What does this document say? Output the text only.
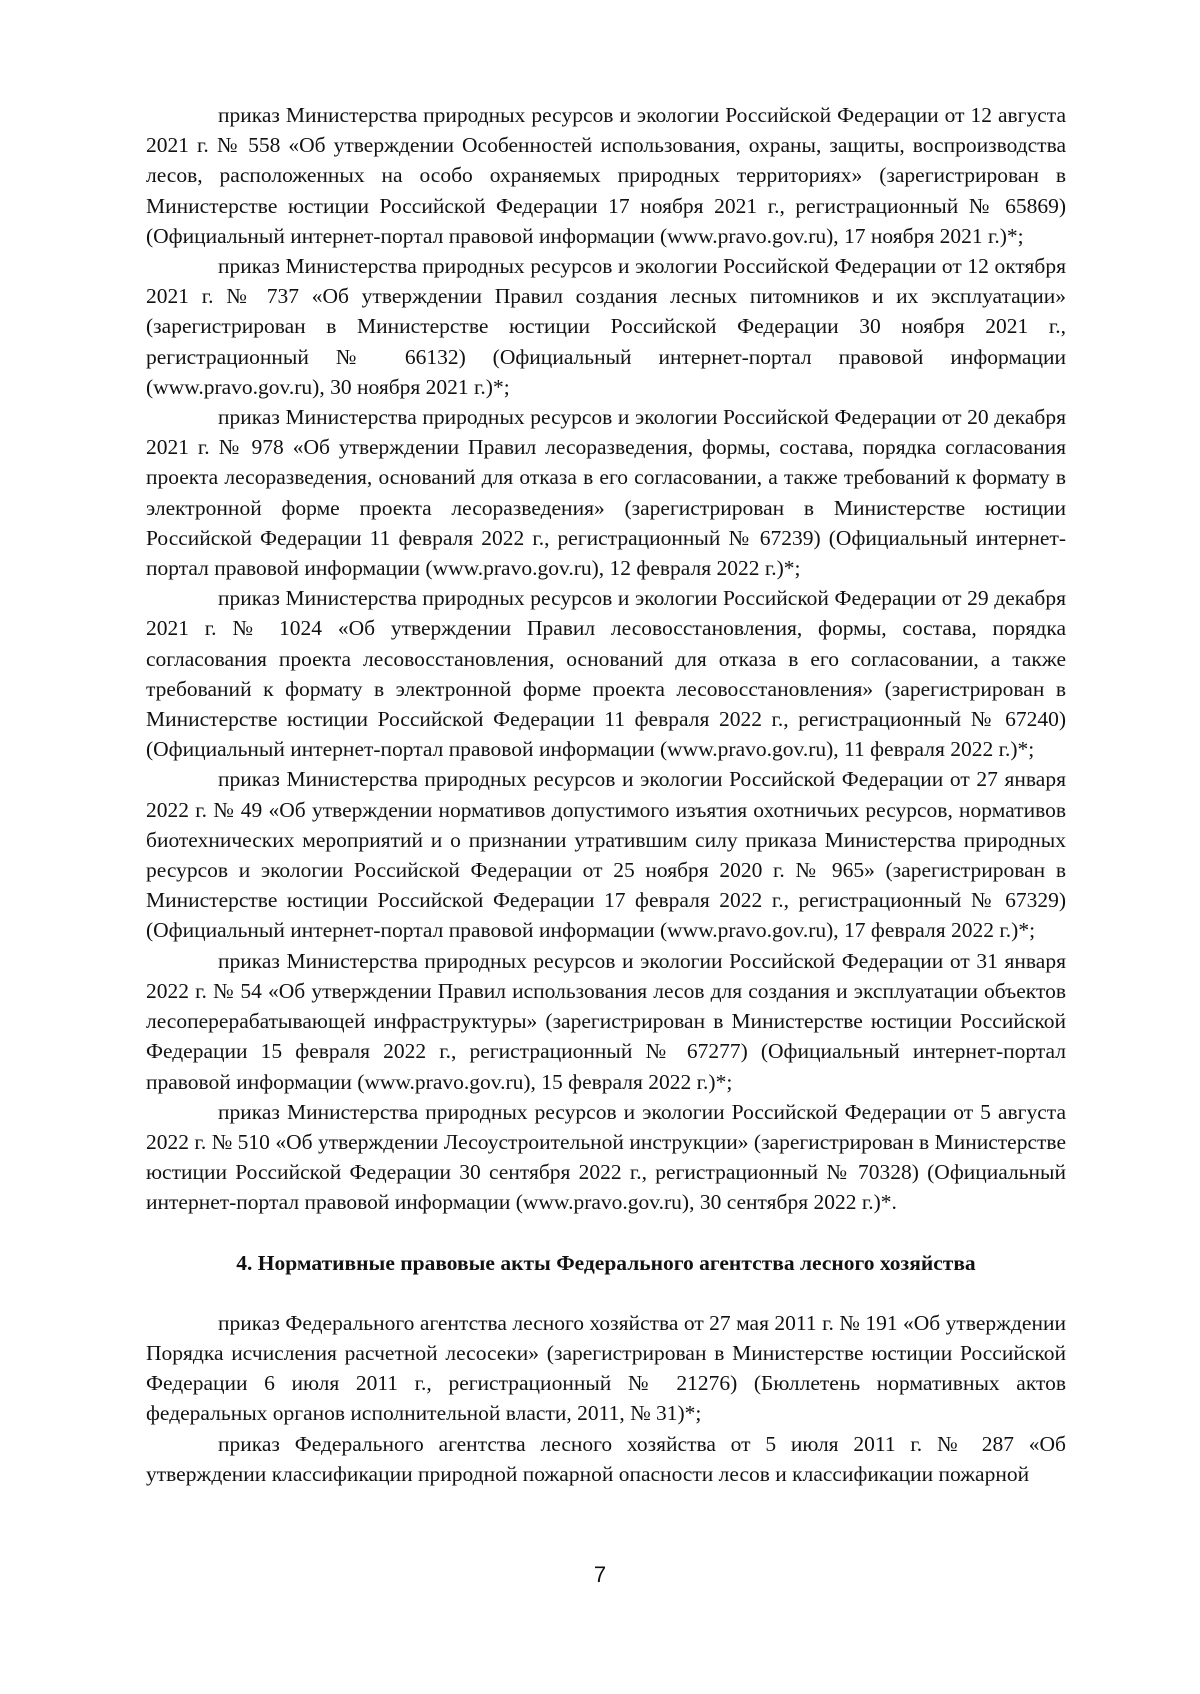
приказ Министерства природных ресурсов и экологии Российской Федерации от 12 августа 2021 г. № 558 «Об утверждении Особенностей использования, охраны, защиты, воспроизводства лесов, расположенных на особо охраняемых природных территориях» (зарегистрирован в Министерстве юстиции Российской Федерации 17 ноября 2021 г., регистрационный № 65869) (Официальный интернет-портал правовой информации (www.pravo.gov.ru), 17 ноября 2021 г.)*;

приказ Министерства природных ресурсов и экологии Российской Федерации от 12 октября 2021 г. № 737 «Об утверждении Правил создания лесных питомников и их эксплуатации» (зарегистрирован в Министерстве юстиции Российской Федерации 30 ноября 2021 г., регистрационный № 66132) (Официальный интернет-портал правовой информации (www.pravo.gov.ru), 30 ноября 2021 г.)*;

приказ Министерства природных ресурсов и экологии Российской Федерации от 20 декабря 2021 г. № 978 «Об утверждении Правил лесоразведения, формы, состава, порядка согласования проекта лесоразведения, оснований для отказа в его согласовании, а также требований к формату в электронной форме проекта лесоразведения» (зарегистрирован в Министерстве юстиции Российской Федерации 11 февраля 2022 г., регистрационный № 67239) (Официальный интернет-портал правовой информации (www.pravo.gov.ru), 12 февраля 2022 г.)*;

приказ Министерства природных ресурсов и экологии Российской Федерации от 29 декабря 2021 г. № 1024 «Об утверждении Правил лесовосстановления, формы, состава, порядка согласования проекта лесовосстановления, оснований для отказа в его согласовании, а также требований к формату в электронной форме проекта лесовосстановления» (зарегистрирован в Министерстве юстиции Российской Федерации 11 февраля 2022 г., регистрационный № 67240) (Официальный интернет-портал правовой информации (www.pravo.gov.ru), 11 февраля 2022 г.)*;

приказ Министерства природных ресурсов и экологии Российской Федерации от 27 января 2022 г. № 49 «Об утверждении нормативов допустимого изъятия охотничьих ресурсов, нормативов биотехнических мероприятий и о признании утратившим силу приказа Министерства природных ресурсов и экологии Российской Федерации от 25 ноября 2020 г. № 965» (зарегистрирован в Министерстве юстиции Российской Федерации 17 февраля 2022 г., регистрационный № 67329) (Официальный интернет-портал правовой информации (www.pravo.gov.ru), 17 февраля 2022 г.)*;

приказ Министерства природных ресурсов и экологии Российской Федерации от 31 января 2022 г. № 54 «Об утверждении Правил использования лесов для создания и эксплуатации объектов лесоперерабатывающей инфраструктуры» (зарегистрирован в Министерстве юстиции Российской Федерации 15 февраля 2022 г., регистрационный № 67277) (Официальный интернет-портал правовой информации (www.pravo.gov.ru), 15 февраля 2022 г.)*;

приказ Министерства природных ресурсов и экологии Российской Федерации от 5 августа 2022 г. № 510 «Об утверждении Лесоустроительной инструкции» (зарегистрирован в Министерстве юстиции Российской Федерации 30 сентября 2022 г., регистрационный № 70328) (Официальный интернет-портал правовой информации (www.pravo.gov.ru), 30 сентября 2022 г.)*.

4. Нормативные правовые акты Федерального агентства лесного хозяйства

приказ Федерального агентства лесного хозяйства от 27 мая 2011 г. № 191 «Об утверждении Порядка исчисления расчетной лесосеки» (зарегистрирован в Министерстве юстиции Российской Федерации 6 июля 2011 г., регистрационный № 21276) (Бюллетень нормативных актов федеральных органов исполнительной власти, 2011, № 31)*;

приказ Федерального агентства лесного хозяйства от 5 июля 2011 г. № 287 «Об утверждении классификации природной пожарной опасности лесов и классификации пожарной

7
